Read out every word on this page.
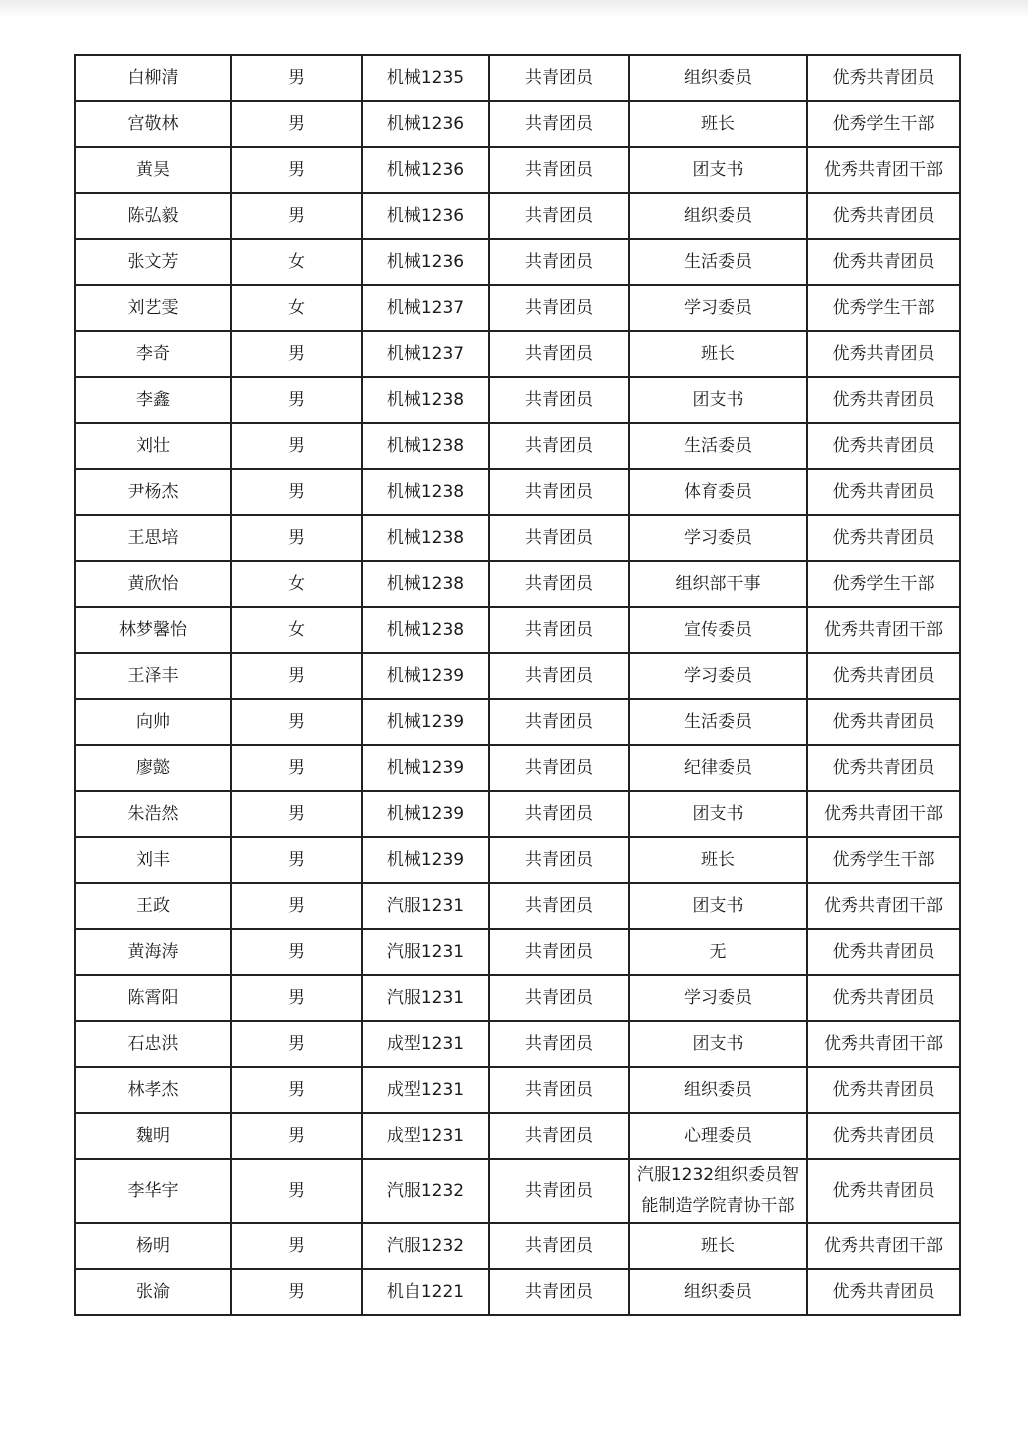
白柳清	男	机械1235	共青团员	组织委员	优秀共青团员
宫敬林	男	机械1236	共青团员	班长	优秀学生干部
黄昊	男	机械1236	共青团员	团支书	优秀共青团干部
陈弘毅	男	机械1236	共青团员	组织委员	优秀共青团员
张文芳	女	机械1236	共青团员	生活委员	优秀共青团员
刘艺雯	女	机械1237	共青团员	学习委员	优秀学生干部
李奇	男	机械1237	共青团员	班长	优秀共青团员
李鑫	男	机械1238	共青团员	团支书	优秀共青团员
刘壮	男	机械1238	共青团员	生活委员	优秀共青团员
尹杨杰	男	机械1238	共青团员	体育委员	优秀共青团员
王思培	男	机械1238	共青团员	学习委员	优秀共青团员
黄欣怡	女	机械1238	共青团员	组织部干事	优秀学生干部
林梦馨怡	女	机械1238	共青团员	宣传委员	优秀共青团干部
王泽丰	男	机械1239	共青团员	学习委员	优秀共青团员
向帅	男	机械1239	共青团员	生活委员	优秀共青团员
廖懿	男	机械1239	共青团员	纪律委员	优秀共青团员
朱浩然	男	机械1239	共青团员	团支书	优秀共青团干部
刘丰	男	机械1239	共青团员	班长	优秀学生干部
王政	男	汽服1231	共青团员	团支书	优秀共青团干部
黄海涛	男	汽服1231	共青团员	无	优秀共青团员
陈霄阳	男	汽服1231	共青团员	学习委员	优秀共青团员
石忠洪	男	成型1231	共青团员	团支书	优秀共青团干部
林孝杰	男	成型1231	共青团员	组织委员	优秀共青团员
魏明	男	成型1231	共青团员	心理委员	优秀共青团员
李华宇	男	汽服1232	共青团员	汽服1232组织委员智能制造学院青协干部	优秀共青团员
杨明	男	汽服1232	共青团员	班长	优秀共青团干部
张渝	男	机自1221	共青团员	组织委员	优秀共青团员
